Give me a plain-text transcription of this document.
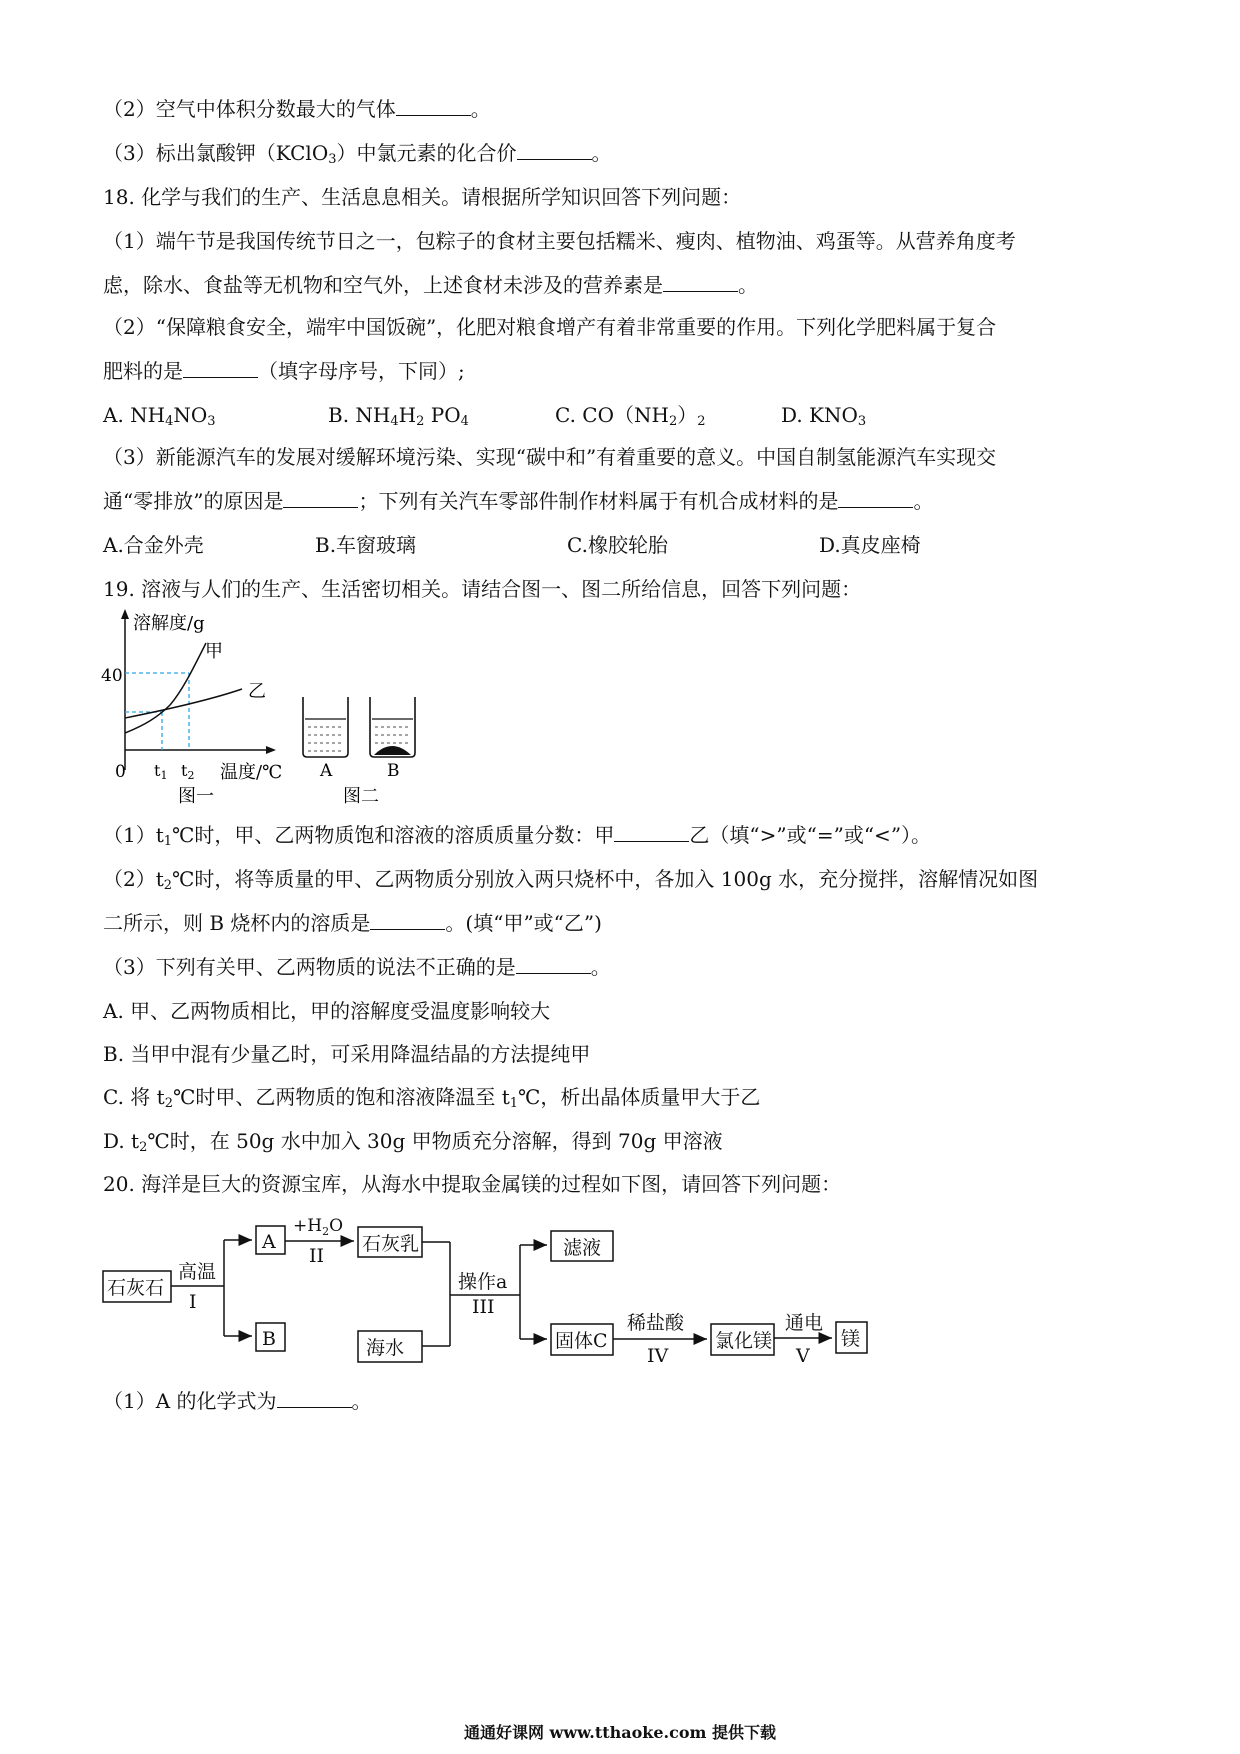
（2）空气中体积分数最大的气体	。
（3）标出氯酸钾（KClO$_3$）中氯元素的化合价	。
18. 化学与我们的生产、生活息息相关。请根据所学知识回答下列问题：
（1）端午节是我国传统节日之一，包粽子的食材主要包括糯米、瘦肉、植物油、鸡蛋等。从营养角度考
虑，除水、食盐等无机物和空气外，上述食材未涉及的营养素是	。
（2）“保障粮食安全，端牢中国饭碗”，化肥对粮食增产有着非常重要的作用。下列化学肥料属于复合
肥料的是	（填字母序号，下同）;
A. $NH_4NO_3$	B. $NH_4H_2$ $PO_4$	C. $CO(NH_2)_2$	D. $KNO_3$
（3）新能源汽车的发展对缓解环境污染、实现“碳中和”有着重要的意义。中国自制氢能源汽车实现交
通“零排放”的原因是	；下列有关汽车零部件制作材料属于有机合成材料的是	。
A.合金外壳	B.车窗玻璃	C.橡胶轮胎	D.真皮座椅
19. 溶液与人们的生产、生活密切相关。请结合图一、图二所给信息，回答下列问题：
溶解度/g
40
0
甲
乙
t1 t2 温度/℃
图一
A	B
图二
$(1)t_1℃$时，甲、乙两物质饱和溶液的溶质质量分数：甲	乙（填“>”或“=”或“<”）。
$(2)t_2℃$时，将等质量的甲、乙两物质分别放入两只烧杯中，各加入 100g 水，充分搅拌，溶解情况如图
二所示，则 B 烧杯内的溶质是	。(填“甲”或“乙”)
（3）下列有关甲、乙两物质的说法不正确的是	。
A. 甲、乙两物质相比，甲的溶解度受温度影响较大
B. 当甲中混有少量乙时，可采用降温结晶的方法提纯甲
C. 将 $t_2℃$时甲、乙两物质的饱和溶液降温至 $t_1℃$，析出晶体质量甲大于乙
D. $t_2℃$时，在 50g 水中加入 30g 甲物质充分溶解，得到 70g 甲溶液
20. 海洋是巨大的资源宝库，从海水中提取金属镁的过程如下图，请回答下列问题：
石灰石
高温
I
A
B
$+H_2O$
II
石灰乳
海水
操作a
III
滤液
固体C
稀盐酸
IV
氯化镁
通电
V
镁
（1）A 的化学式为	。
通通好课网 www.tthaoke.com 提供下载
